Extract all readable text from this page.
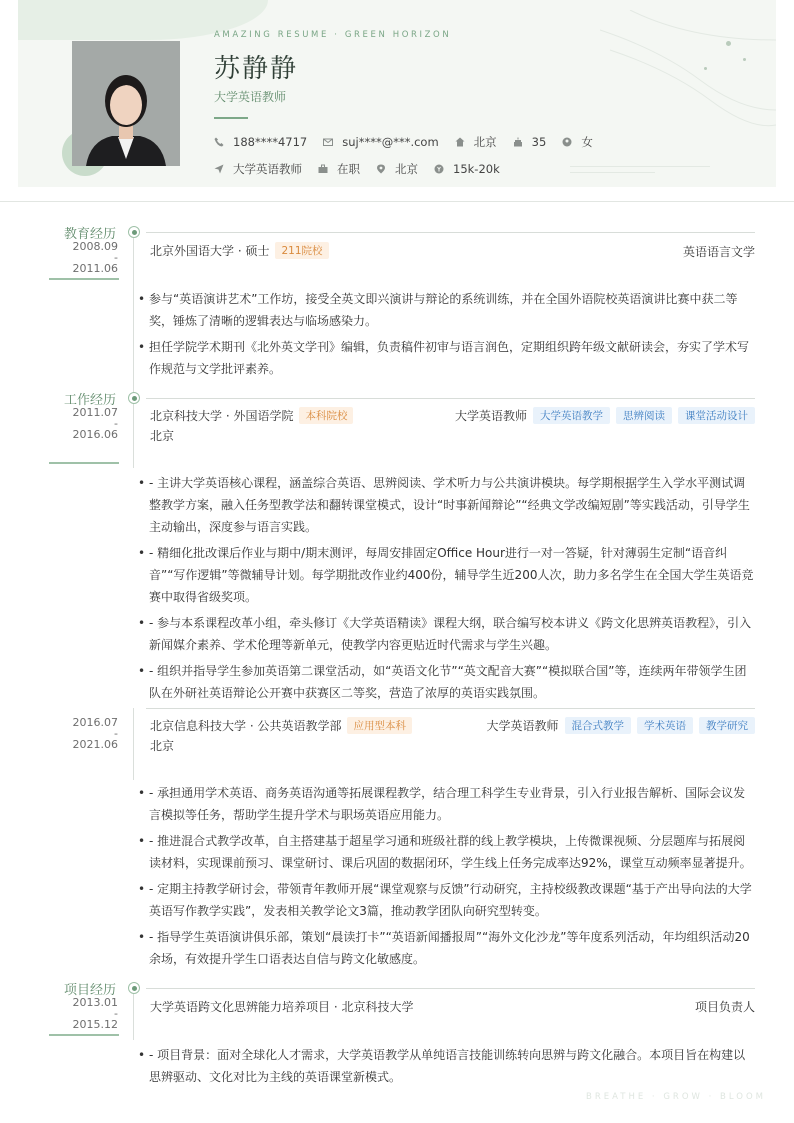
AMAZING RESUME · GREEN HORIZON
苏静静
大学英语教师
188****4717	suj****@***.com	北京	35	女
大学英语教师	在职	北京	15k-20k
教育经历
2008.09
-
2011.06
北京外国语大学 · 硕士	211院校	英语语言文学
• 参与“英语演讲艺术”工作坊，接受全英文即兴演讲与辩论的系统训练，并在全国外语院校英语演讲比赛中获二等奖，锤炼了清晰的逻辑表达与临场感染力。
• 担任学院学术期刊《北外英文学刊》编辑，负责稿件初审与语言润色，定期组织跨年级文献研读会，夯实了学术写作规范与文学批评素养。
工作经历
2011.07
-
2016.06
北京科技大学 · 外国语学院	本科院校	大学英语教师	大学英语教学	思辨阅读	课堂活动设计
北京
• - 主讲大学英语核心课程，涵盖综合英语、思辨阅读、学术听力与公共演讲模块。每学期根据学生入学水平测试调整教学方案，融入任务型教学法和翻转课堂模式，设计“时事新闻辩论”“经典文学改编短剧”等实践活动，引导学生主动输出，深度参与语言实践。
• - 精细化批改课后作业与期中/期末测评，每周安排固定Office Hour进行一对一答疑，针对薄弱生定制“语音纠音”“写作逻辑”等微辅导计划。每学期批改作业约400份，辅导学生近200人次，助力多名学生在全国大学生英语竞赛中取得省级奖项。
• - 参与本系课程改革小组，牵头修订《大学英语精读》课程大纲，联合编写校本讲义《跨文化思辨英语教程》，引入新闻媒介素养、学术伦理等新单元，使教学内容更贴近时代需求与学生兴趣。
• - 组织并指导学生参加英语第二课堂活动，如“英语文化节”“英文配音大赛”“模拟联合国”等，连续两年带领学生团队在外研社英语辩论公开赛中获赛区二等奖，营造了浓厚的英语实践氛围。
2016.07
-
2021.06
北京信息科技大学 · 公共英语教学部	应用型本科	大学英语教师	混合式教学	学术英语	教学研究
北京
• - 承担通用学术英语、商务英语沟通等拓展课程教学，结合理工科学生专业背景，引入行业报告解析、国际会议发言模拟等任务，帮助学生提升学术与职场英语应用能力。
• - 推进混合式教学改革，自主搭建基于超星学习通和班级社群的线上教学模块，上传微课视频、分层题库与拓展阅读材料，实现课前预习、课堂研讨、课后巩固的数据闭环，学生线上任务完成率达92%，课堂互动频率显著提升。
• - 定期主持教学研讨会，带领青年教师开展“课堂观察与反馈”行动研究，主持校级教改课题“基于产出导向法的大学英语写作教学实践”，发表相关教学论文3篇，推动教学团队向研究型转变。
• - 指导学生英语演讲俱乐部，策划“晨读打卡”“英语新闻播报周”“海外文化沙龙”等年度系列活动，年均组织活动20余场，有效提升学生口语表达自信与跨文化敏感度。
项目经历
2013.01
-
2015.12
大学英语跨文化思辨能力培养项目 · 北京科技大学	项目负责人
• - 项目背景：面对全球化人才需求，大学英语教学从单纯语言技能训练转向思辨与跨文化融合。本项目旨在构建以思辨驱动、文化对比为主线的英语课堂新模式。
BREATHE · GROW · BLOOM
